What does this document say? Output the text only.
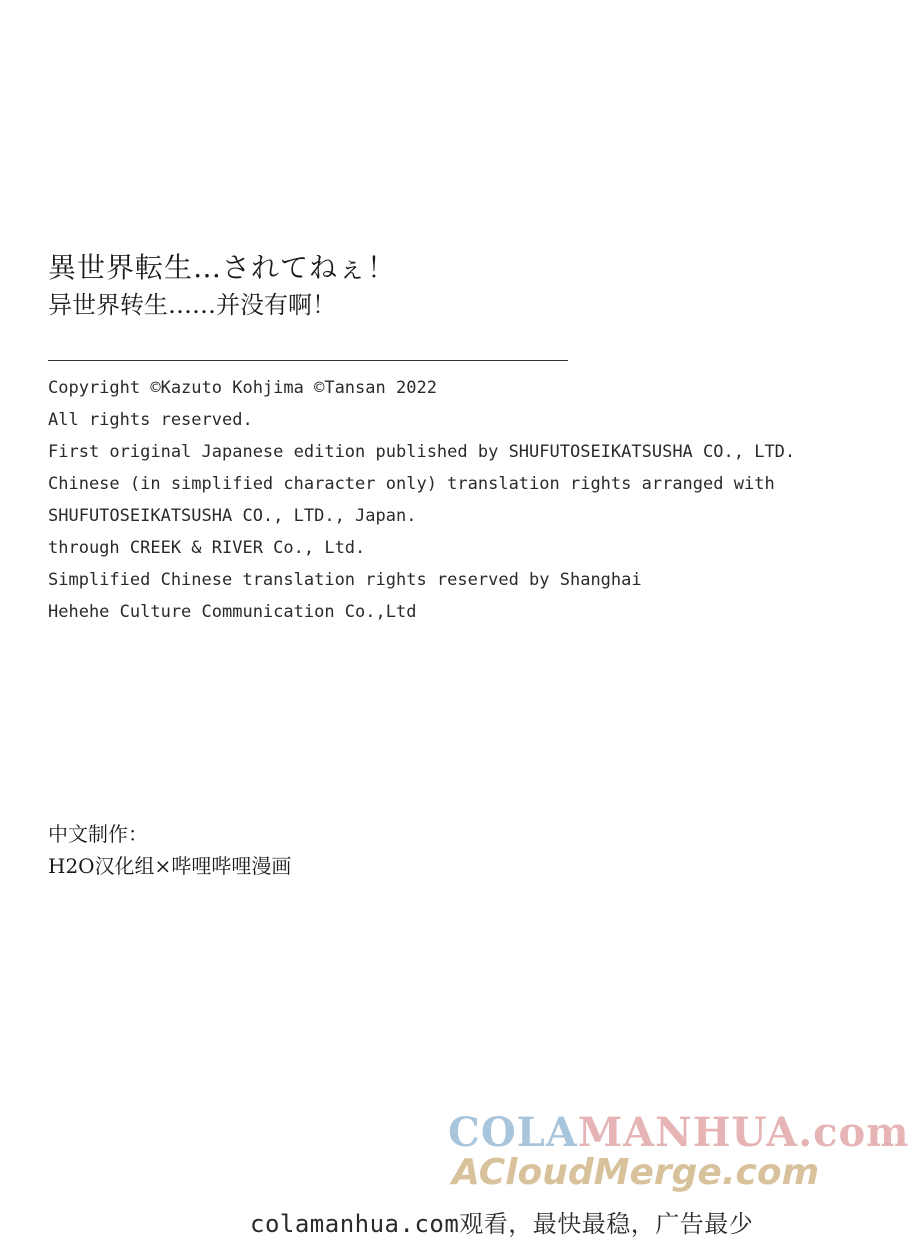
異世界転生…されてねぇ！
异世界转生……并没有啊！
Copyright ©Kazuto Kohjima ©Tansan 2022
All rights reserved.
First original Japanese edition published by SHUFUTOSEIKATSUSHA CO., LTD.
Chinese (in simplified character only) translation rights arranged with
SHUFUTOSEIKATSUSHA CO., LTD., Japan.
through CREEK & RIVER Co., Ltd.
Simplified Chinese translation rights reserved by Shanghai
Hehehe Culture Communication Co.,Ltd
中文制作：
H2O汉化组×哔哩哔哩漫画
COLAMANHUA.com
ACloudMerge.com
colamanhua.com观看，最快最稳，广告最少
